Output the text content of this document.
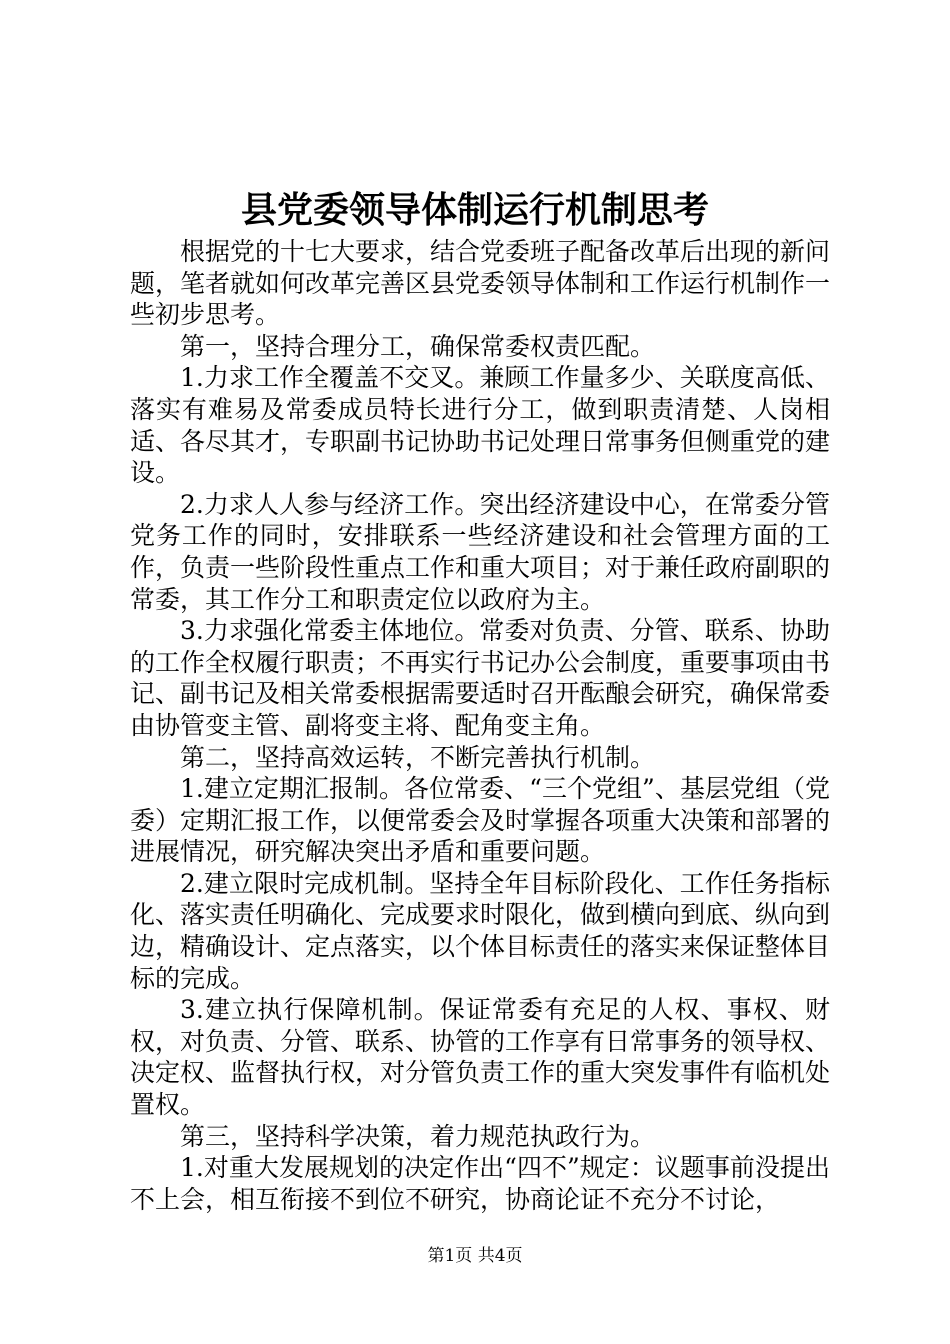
县党委领导体制运行机制思考

根据党的十七大要求，结合党委班子配备改革后出现的新问题，笔者就如何改革完善区县党委领导体制和工作运行机制作一些初步思考。

第一，坚持合理分工，确保常委权责匹配。

1.力求工作全覆盖不交叉。兼顾工作量多少、关联度高低、落实有难易及常委成员特长进行分工，做到职责清楚、人岗相适、各尽其才，专职副书记协助书记处理日常事务但侧重党的建设。

2.力求人人参与经济工作。突出经济建设中心，在常委分管党务工作的同时，安排联系一些经济建设和社会管理方面的工作，负责一些阶段性重点工作和重大项目；对于兼任政府副职的常委，其工作分工和职责定位以政府为主。

3.力求强化常委主体地位。常委对负责、分管、联系、协助的工作全权履行职责；不再实行书记办公会制度，重要事项由书记、副书记及相关常委根据需要适时召开酝酿会研究，确保常委由协管变主管、副将变主将、配角变主角。

第二，坚持高效运转，不断完善执行机制。

1.建立定期汇报制。各位常委、“三个党组”、基层党组（党委）定期汇报工作，以便常委会及时掌握各项重大决策和部署的进展情况，研究解决突出矛盾和重要问题。

2.建立限时完成机制。坚持全年目标阶段化、工作任务指标化、落实责任明确化、完成要求时限化，做到横向到底、纵向到边，精确设计、定点落实，以个体目标责任的落实来保证整体目标的完成。

3.建立执行保障机制。保证常委有充足的人权、事权、财权，对负责、分管、联系、协管的工作享有日常事务的领导权、决定权、监督执行权，对分管负责工作的重大突发事件有临机处置权。

第三，坚持科学决策，着力规范执政行为。

1.对重大发展规划的决定作出“四不”规定：议题事前没提出不上会，相互衔接不到位不研究，协商论证不充分不讨论，

第1页 共4页
